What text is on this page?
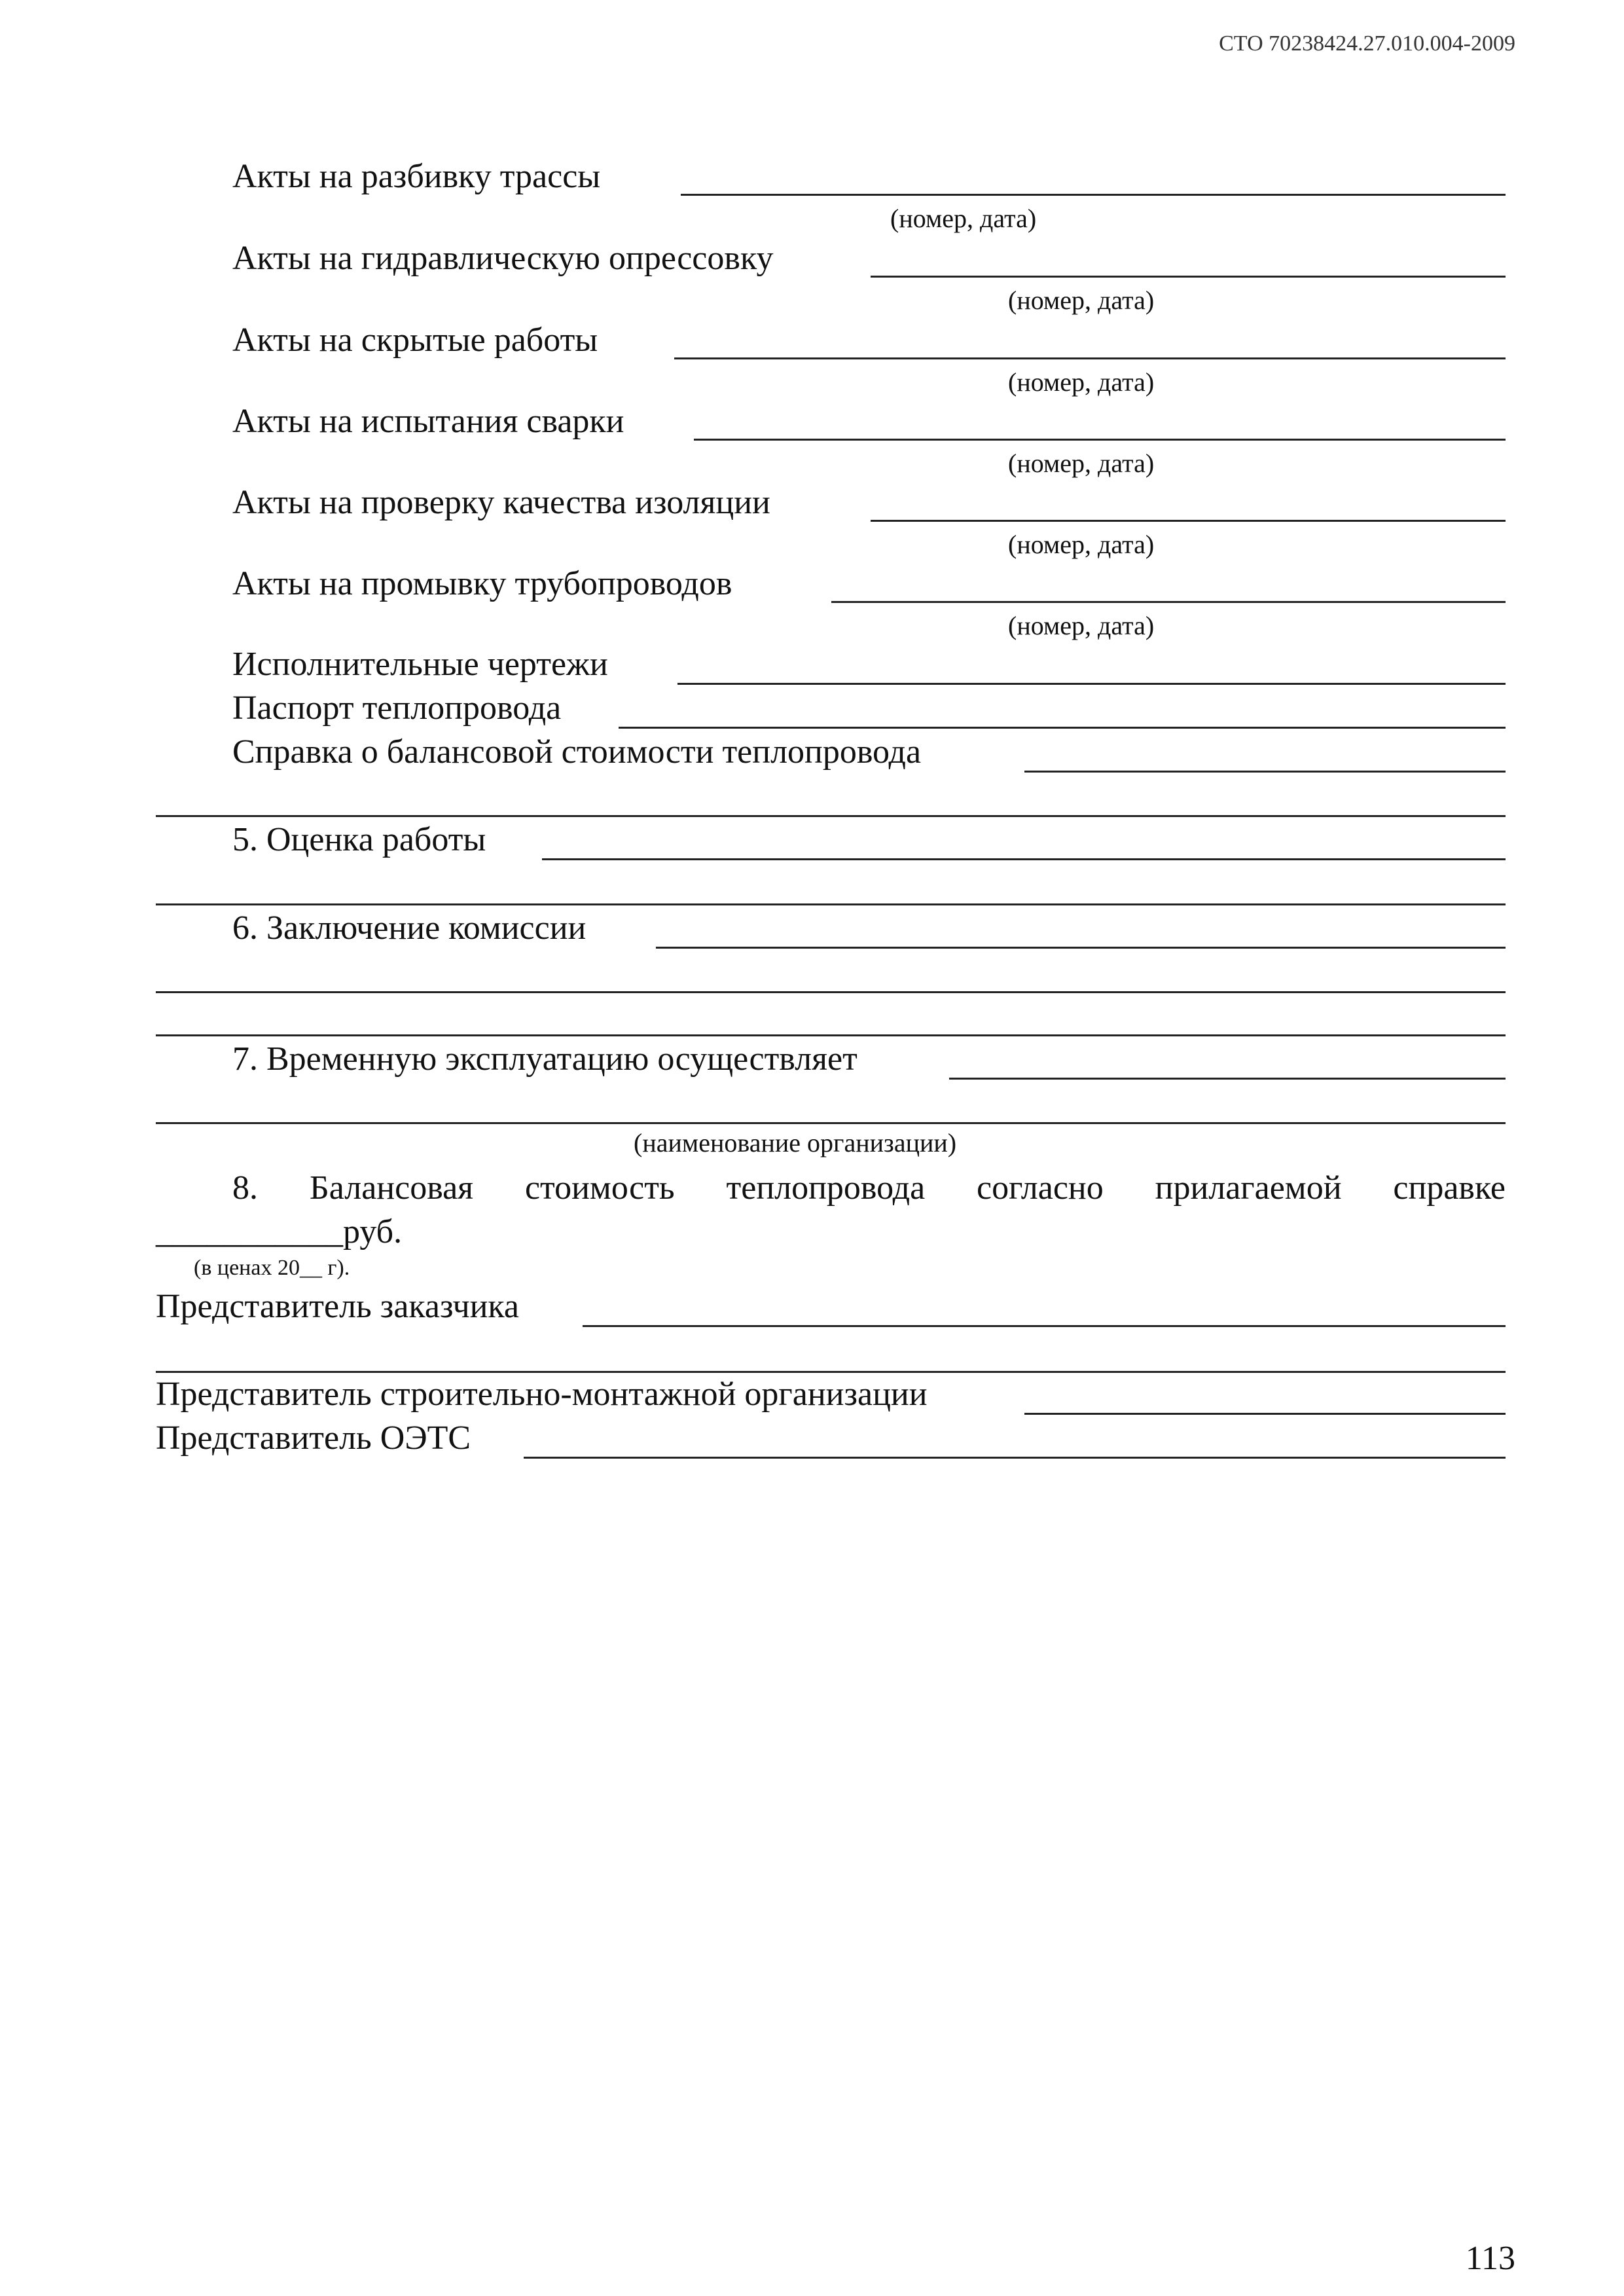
СТО 70238424.27.010.004-2009
Акты на разбивку трассы
(номер, дата)
Акты на гидравлическую опрессовку
(номер, дата)
Акты на скрытые работы
(номер, дата)
Акты на испытания сварки
(номер, дата)
Акты на проверку качества изоляции
(номер, дата)
Акты на промывку трубопроводов
(номер, дата)
Исполнительные чертежи
Паспорт теплопровода
Справка о балансовой стоимости теплопровода
5. Оценка работы
6. Заключение комиссии
7. Временную эксплуатацию осуществляет
(наименование организации)
8. Балансовая стоимость теплопровода согласно прилагаемой справке
___________руб.
(в ценах 20__ г).
Представитель заказчика
Представитель строительно-монтажной организации
Представитель ОЭТС
113
